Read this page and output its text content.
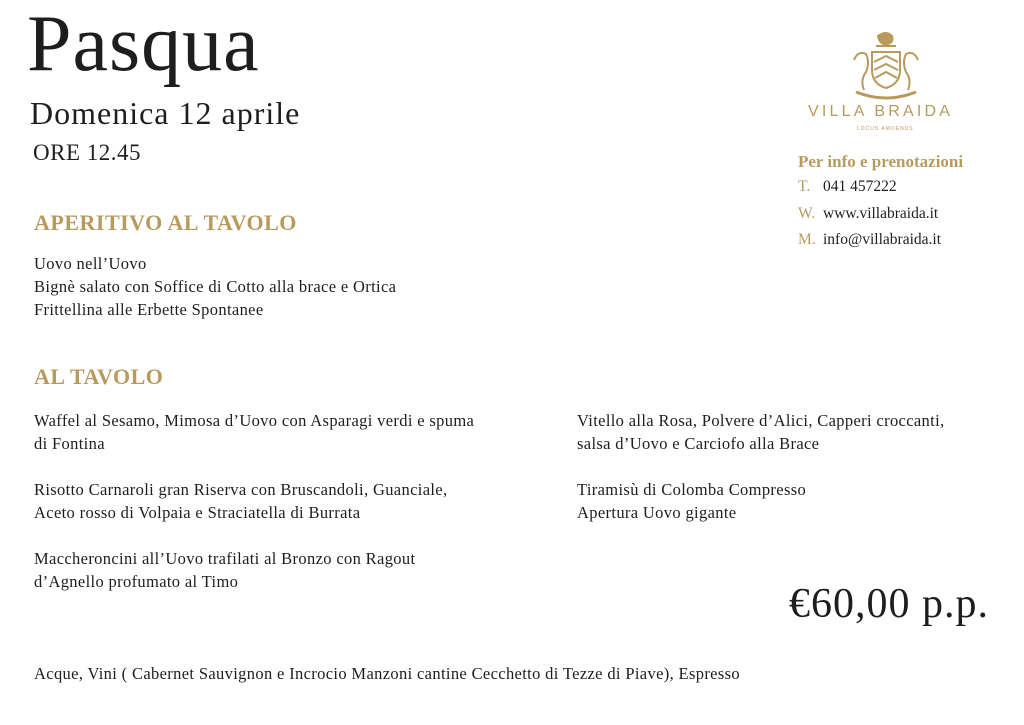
Pasqua
Domenica 12 aprile
ORE 12.45
VILLA BRAIDA
LOCUS AMOENUS
Per info e prenotazioni
T. 041 457222
W. www.villabraida.it
M. info@villabraida.it
APERITIVO AL TAVOLO
Uovo nell’Uovo
Bignè salato con Soffice di Cotto alla brace e Ortica
Frittellina alle Erbette Spontanee
AL TAVOLO
Waffel al Sesamo, Mimosa d’Uovo con Asparagi verdi e spuma
di Fontina
Risotto Carnaroli gran Riserva con Bruscandoli, Guanciale,
Aceto rosso di Volpaia e Straciatella di Burrata
Maccheroncini all’Uovo trafilati al Bronzo con Ragout
d’Agnello profumato al Timo
Vitello alla Rosa, Polvere d’Alici, Capperi croccanti,
salsa d’Uovo e Carciofo alla Brace
Tiramisù di Colomba Compresso
Apertura Uovo gigante
€60,00 p.p.
Acque, Vini ( Cabernet Sauvignon e Incrocio Manzoni cantine Cecchetto di Tezze di Piave), Espresso
